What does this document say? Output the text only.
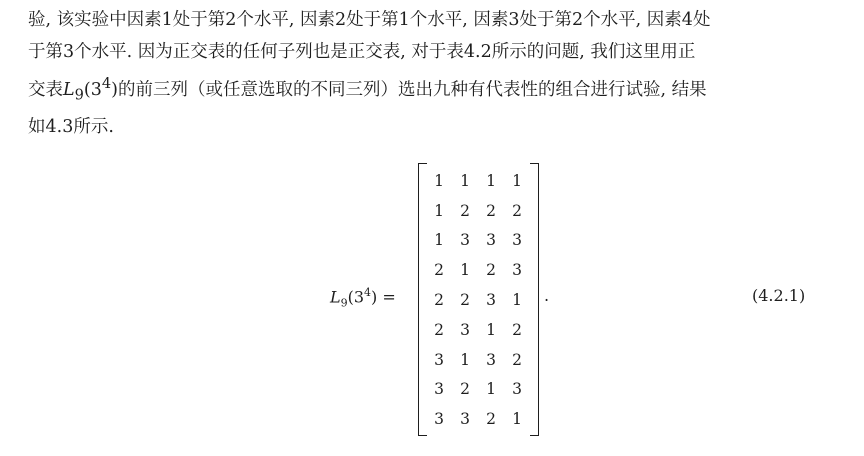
验, 该实验中因素1处于第2个水平, 因素2处于第1个水平, 因素3处于第2个水平, 因素4处
于第3个水平. 因为正交表的任何子列也是正交表, 对于表4.2所示的问题, 我们这里用正
交表$L_9(3^4)$的前三列（或任意选取的不同三列）选出九种有代表性的组合进行试验, 结果
如4.3所示.
$L_9(3^4)$ =
1	1	1	1
1	2	2	2
1	3	3	3
2	1	2	3
2	2	3	1
2	3	1	2
3	1	3	2
3	2	1	3
3	3	2	1
.	(4.2.1)
